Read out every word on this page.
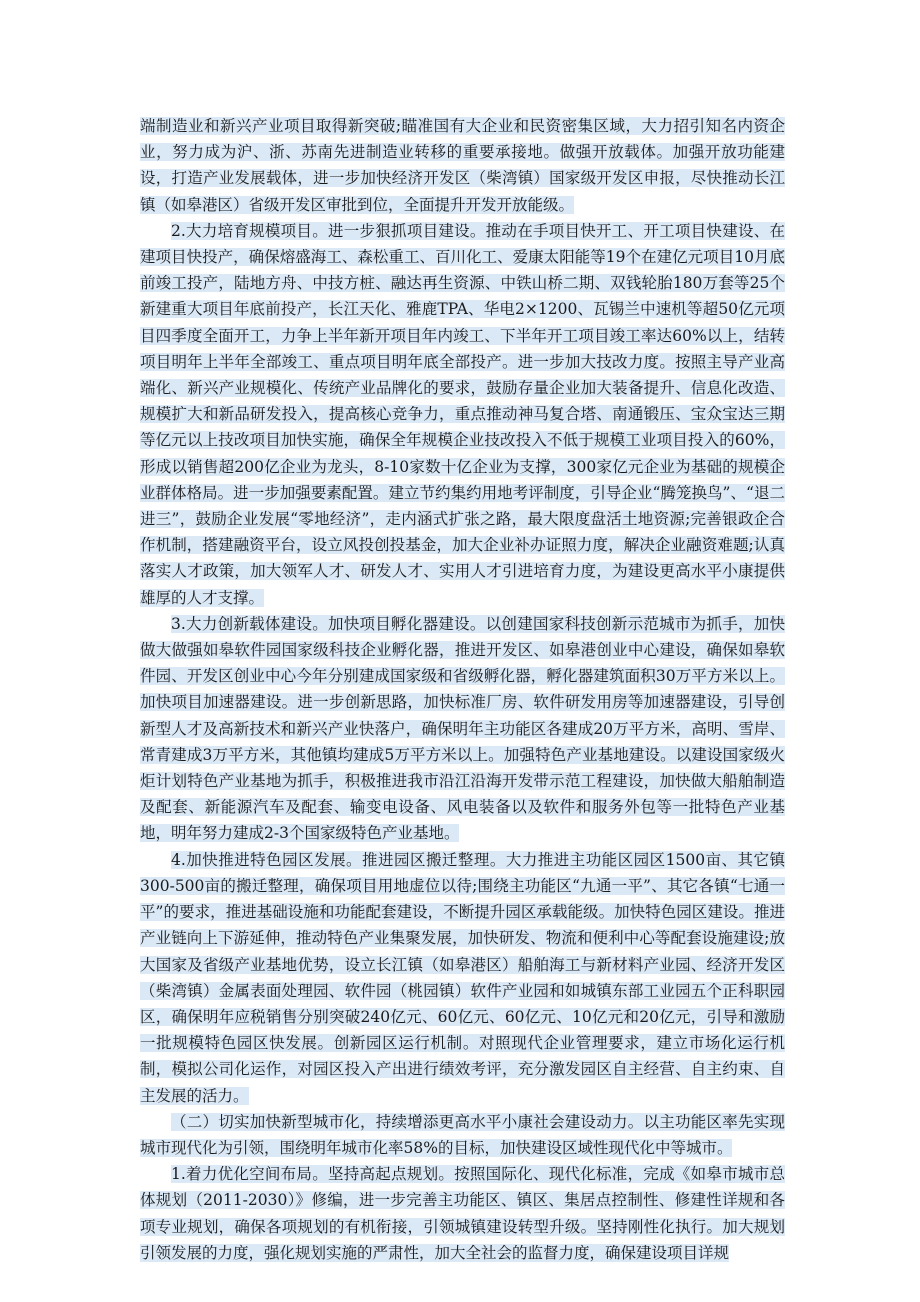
端制造业和新兴产业项目取得新突破;瞄准国有大企业和民资密集区域，大力招引知名内资企业，努力成为沪、浙、苏南先进制造业转移的重要承接地。做强开放载体。加强开放功能建设，打造产业发展载体，进一步加快经济开发区（柴湾镇）国家级开发区申报，尽快推动长江镇（如皋港区）省级开发区审批到位，全面提升开发开放能级。

2.大力培育规模项目。进一步狠抓项目建设。推动在手项目快开工、开工项目快建设、在建项目快投产，确保熔盛海工、森松重工、百川化工、爱康太阳能等19个在建亿元项目10月底前竣工投产，陆地方舟、中技方桩、融达再生资源、中铁山桥二期、双钱轮胎180万套等25个新建重大项目年底前投产，长江天化、雅鹿TPA、华电2×1200、瓦锡兰中速机等超50亿元项目四季度全面开工，力争上半年新开项目年内竣工、下半年开工项目竣工率达60%以上，结转项目明年上半年全部竣工、重点项目明年底全部投产。进一步加大技改力度。按照主导产业高端化、新兴产业规模化、传统产业品牌化的要求，鼓励存量企业加大装备提升、信息化改造、规模扩大和新品研发投入，提高核心竞争力，重点推动神马复合塔、南通锻压、宝众宝达三期等亿元以上技改项目加快实施，确保全年规模企业技改投入不低于规模工业项目投入的60%，形成以销售超200亿企业为龙头，8-10家数十亿企业为支撑，300家亿元企业为基础的规模企业群体格局。进一步加强要素配置。建立节约集约用地考评制度，引导企业“腾笼换鸟”、“退二进三”，鼓励企业发展“零地经济”，走内涵式扩张之路，最大限度盘活土地资源;完善银政企合作机制，搭建融资平台，设立风投创投基金，加大企业补办证照力度，解决企业融资难题;认真落实人才政策，加大领军人才、研发人才、实用人才引进培育力度，为建设更高水平小康提供雄厚的人才支撑。

3.大力创新载体建设。加快项目孵化器建设。以创建国家科技创新示范城市为抓手，加快做大做强如皋软件园国家级科技企业孵化器，推进开发区、如皋港创业中心建设，确保如皋软件园、开发区创业中心今年分别建成国家级和省级孵化器，孵化器建筑面积30万平方米以上。加快项目加速器建设。进一步创新思路，加快标准厂房、软件研发用房等加速器建设，引导创新型人才及高新技术和新兴产业快落户，确保明年主功能区各建成20万平方米，高明、雪岸、常青建成3万平方米，其他镇均建成5万平方米以上。加强特色产业基地建设。以建设国家级火炬计划特色产业基地为抓手，积极推进我市沿江沿海开发带示范工程建设，加快做大船舶制造及配套、新能源汽车及配套、输变电设备、风电装备以及软件和服务外包等一批特色产业基地，明年努力建成2-3个国家级特色产业基地。

4.加快推进特色园区发展。推进园区搬迁整理。大力推进主功能区园区1500亩、其它镇300-500亩的搬迁整理，确保项目用地虚位以待;围绕主功能区“九通一平”、其它各镇“七通一平”的要求，推进基础设施和功能配套建设，不断提升园区承载能级。加快特色园区建设。推进产业链向上下游延伸，推动特色产业集聚发展，加快研发、物流和便利中心等配套设施建设;放大国家及省级产业基地优势，设立长江镇（如皋港区）船舶海工与新材料产业园、经济开发区（柴湾镇）金属表面处理园、软件园（桃园镇）软件产业园和如城镇东部工业园五个正科职园区，确保明年应税销售分别突破240亿元、60亿元、60亿元、10亿元和20亿元，引导和激励一批规模特色园区快发展。创新园区运行机制。对照现代企业管理要求，建立市场化运行机制，模拟公司化运作，对园区投入产出进行绩效考评，充分激发园区自主经营、自主约束、自主发展的活力。

（二）切实加快新型城市化，持续增添更高水平小康社会建设动力。以主功能区率先实现城市现代化为引领，围绕明年城市化率58%的目标，加快建设区域性现代化中等城市。

1.着力优化空间布局。坚持高起点规划。按照国际化、现代化标准，完成《如皋市城市总体规划（2011-2030）》修编，进一步完善主功能区、镇区、集居点控制性、修建性详规和各项专业规划，确保各项规划的有机衔接，引领城镇建设转型升级。坚持刚性化执行。加大规划引领发展的力度，强化规划实施的严肃性，加大全社会的监督力度，确保建设项目详规
